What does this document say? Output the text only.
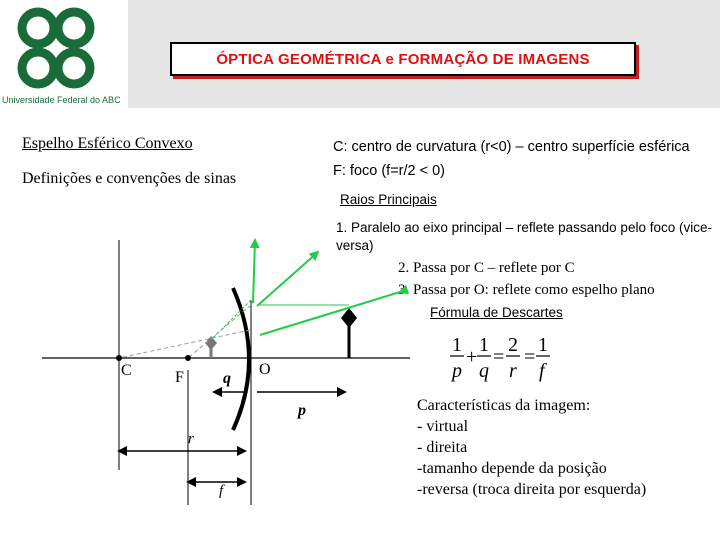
Universidade Federal do ABC
ÓPTICA GEOMÉTRICA e FORMAÇÃO DE IMAGENS
Espelho Esférico Convexo
Definições e convenções de sinas
C: centro de curvatura (r<0) – centro superfície esférica
F: foco (f=r/2 < 0)
Raios Principais
1. Paralelo ao eixo principal – reflete passando pelo foco (vice-versa)
2. Passa por C – reflete por C
3. Passa por O: reflete como espelho plano
Fórmula de Descartes
C	F q
O
p
r
f
1
p
+
1
q
=
2
r
=
1
f
Características da imagem:
- virtual
- direita
-tamanho depende da posição
-reversa (troca direita por esquerda)
